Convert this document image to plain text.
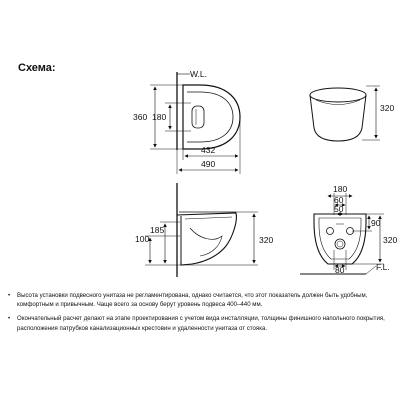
Схема:	W.L.
360 180
432
490
320
185
100	320
180
60
50
90
320
80	F.L.
• Высота установки подвесного унитаза не регламентирована, однако считается, что этот показатель должен быть удобным, комфортным и привычным. Чаще всего за основу берут уровень подвеса 400–440 мм.
• Окончательный расчет делают на этапе проектирования с учетом вида инсталляции, толщины финишного напольного покрытия, расположения патрубков канализационных крестовин и удаленности унитаза от стояка.
